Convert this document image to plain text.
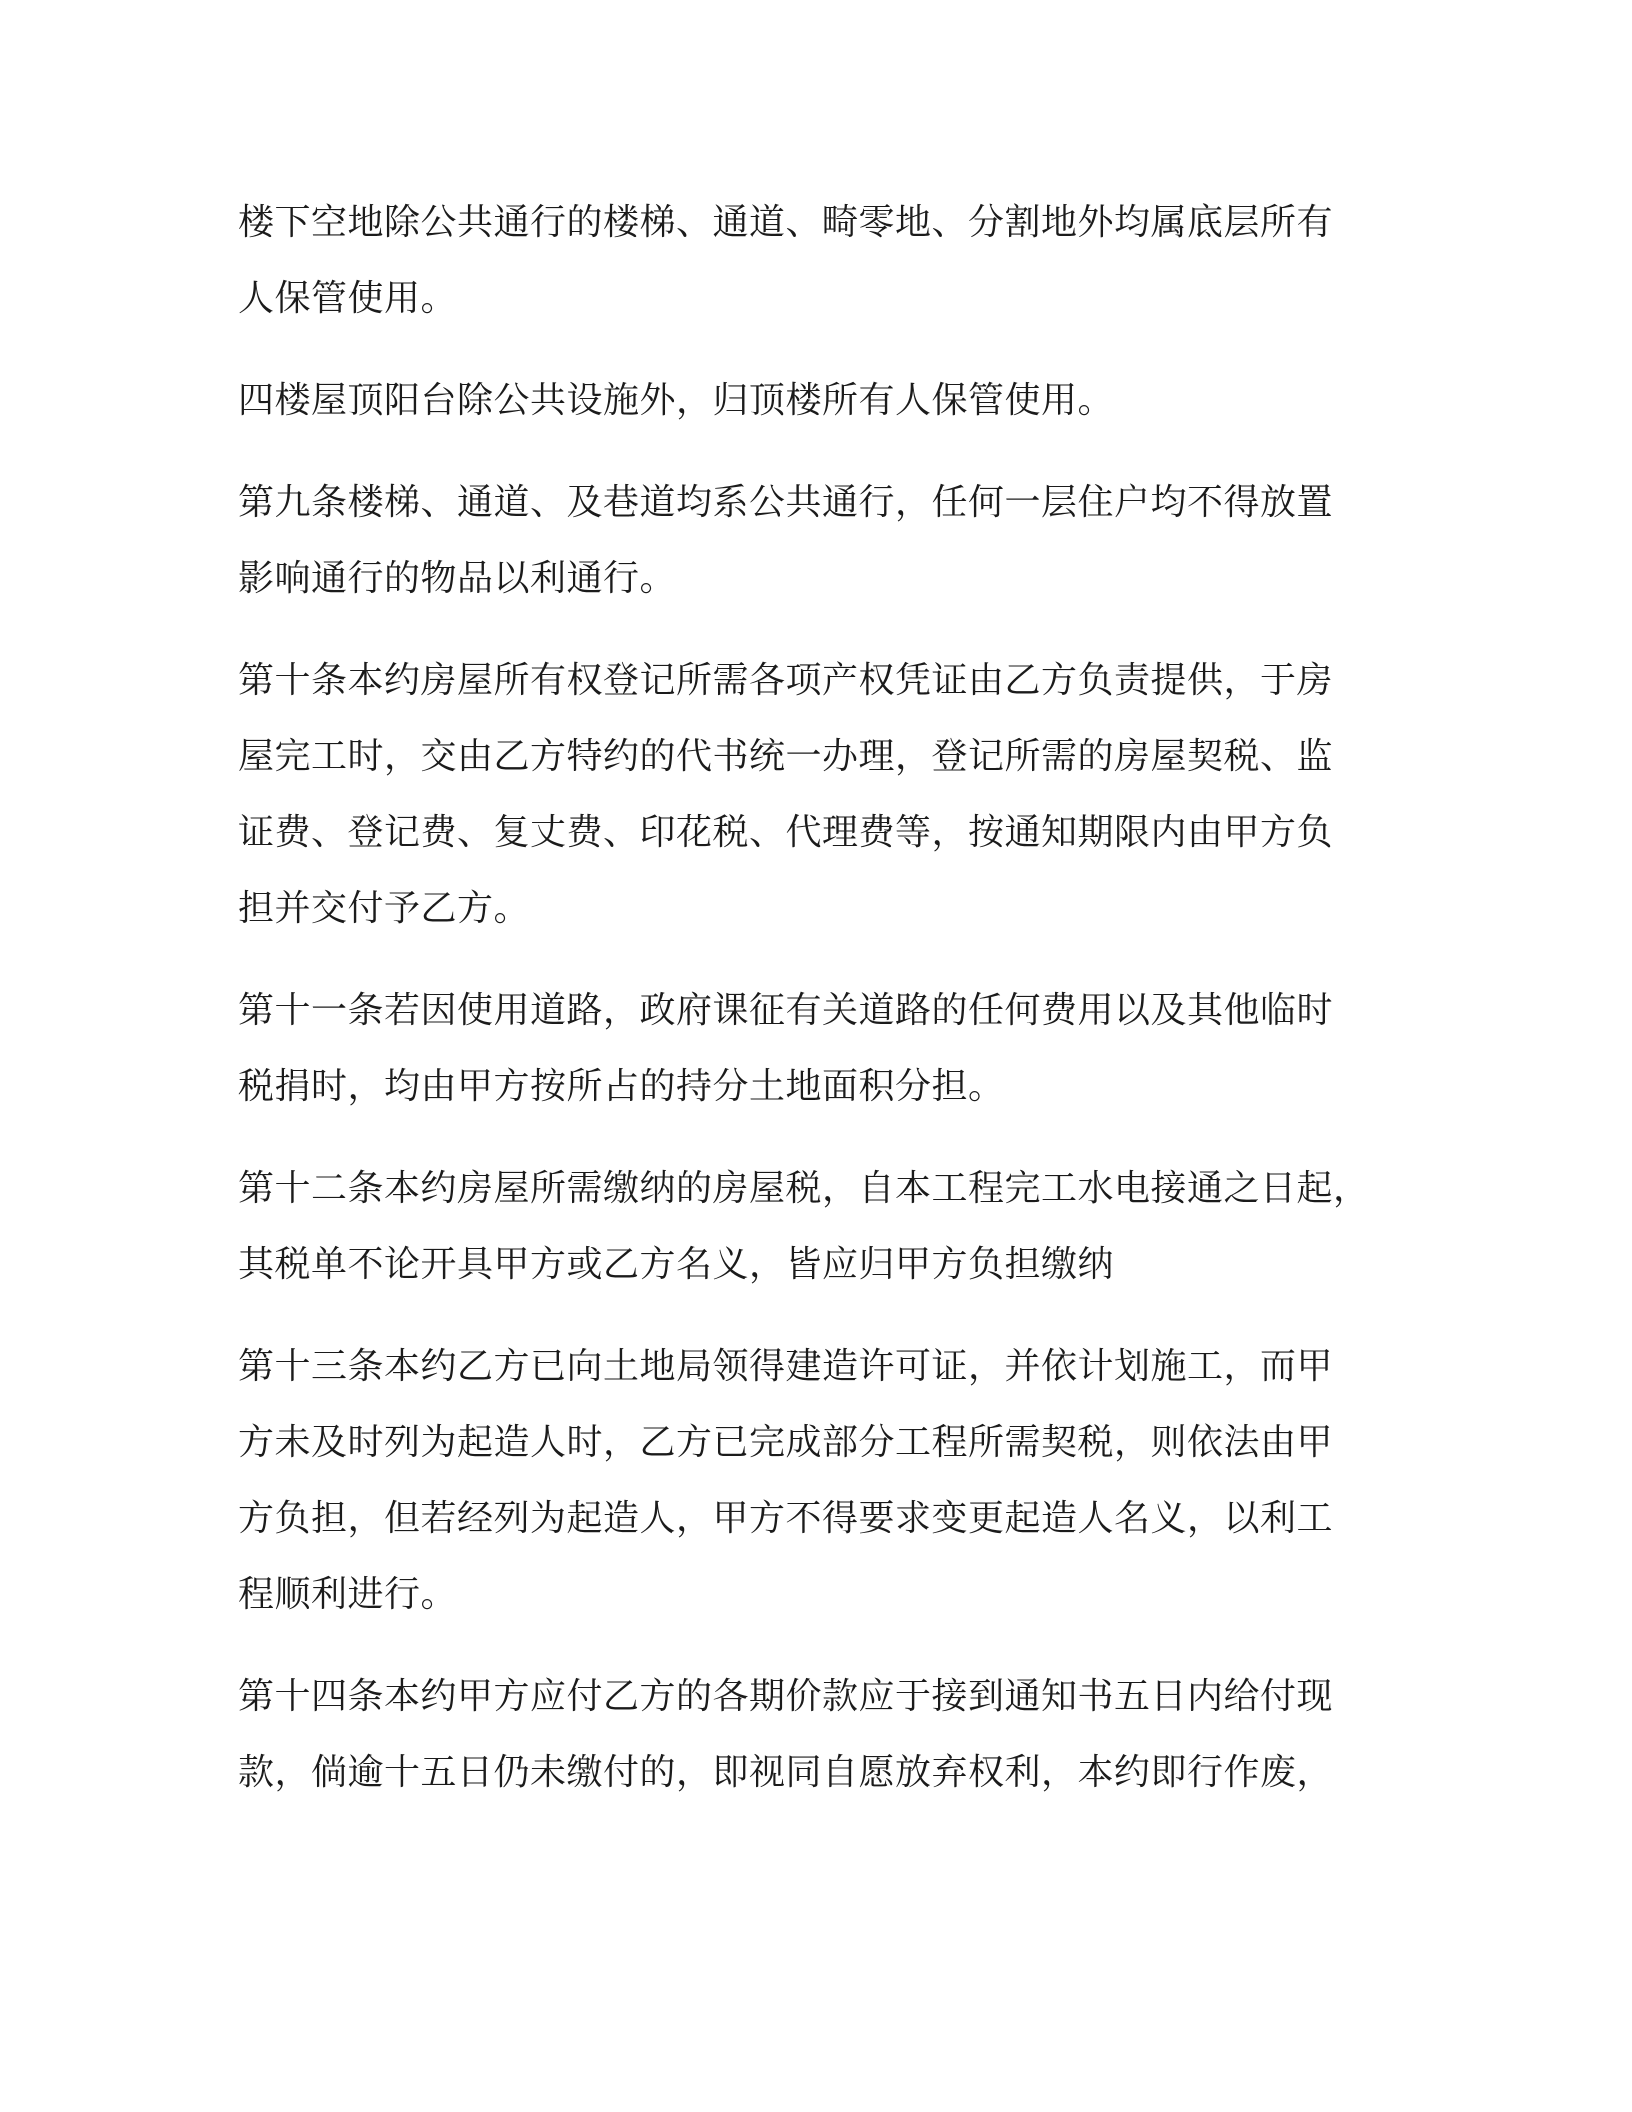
楼下空地除公共通行的楼梯、通道、畸零地、分割地外均属底层所有
人保管使用。

四楼屋顶阳台除公共设施外，归顶楼所有人保管使用。

第九条楼梯、通道、及巷道均系公共通行，任何一层住户均不得放置
影响通行的物品以利通行。

第十条本约房屋所有权登记所需各项产权凭证由乙方负责提供，于房
屋完工时，交由乙方特约的代书统一办理，登记所需的房屋契税、监
证费、登记费、复丈费、印花税、代理费等，按通知期限内由甲方负
担并交付予乙方。

第十一条若因使用道路，政府课征有关道路的任何费用以及其他临时
税捐时，均由甲方按所占的持分土地面积分担。

第十二条本约房屋所需缴纳的房屋税，自本工程完工水电接通之日起，
其税单不论开具甲方或乙方名义，皆应归甲方负担缴纳

第十三条本约乙方已向土地局领得建造许可证，并依计划施工，而甲
方未及时列为起造人时，乙方已完成部分工程所需契税，则依法由甲
方负担，但若经列为起造人，甲方不得要求变更起造人名义，以利工
程顺利进行。

第十四条本约甲方应付乙方的各期价款应于接到通知书五日内给付现
款，倘逾十五日仍未缴付的，即视同自愿放弃权利，本约即行作废，
